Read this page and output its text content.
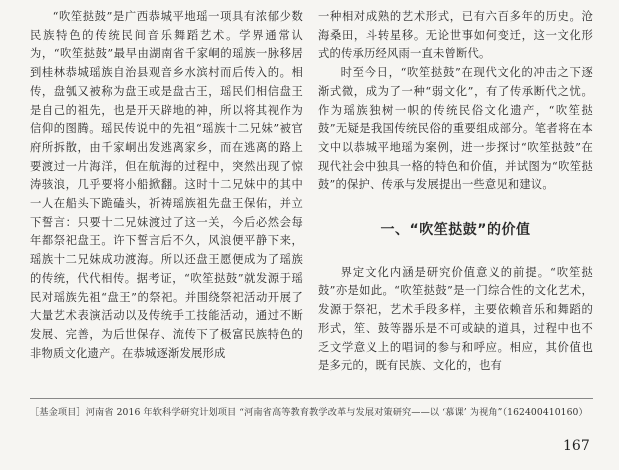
“吹笙挞鼓”是广西恭城平地瑶一项具有浓郁少数民族特色的传统民间音乐舞蹈艺术。学界通常认为，“吹笙挞鼓”最早由湖南省千家峒的瑶族一脉移居到桂林恭城瑶族自治县观音乡水滨村而后传入的。相传，盘瓠又被称为盘王或是盘古王，瑶民们相信盘王是自己的祖先，也是开天辟地的神，所以将其视作为信仰的图腾。瑶民传说中的先祖“瑶族十二兄妹”被官府所拆散，由千家峒出发逃离家乡，而在逃离的路上要渡过一片海洋，但在航海的过程中，突然出现了惊涛骇浪，几乎要将小船掀翻。这时十二兄妹中的其中一人在船头下跪磕头，祈祷瑶族祖先盘王保佑，并立下誓言：只要十二兄妹渡过了这一关，今后必然会每年都祭祀盘王。许下誓言后不久，风浪便平静下来，瑶族十二兄妹成功渡海。所以还盘王愿便成为了瑶族的传统，代代相传。据考证，“吹笙挞鼓”就发源于瑶民对瑶族先祖“盘王”的祭祀。并围绕祭祀活动开展了大量艺术表演活动以及传统手工技能活动，通过不断发展、完善，为后世保存、流传下了极富民族特色的非物质文化遗产。在恭城逐渐发展形成

一种相对成熟的艺术形式，已有六百多年的历史。沧海桑田，斗转星移。无论世事如何变迁，这一文化形式的传承历经风雨一直未曾断代。

时至今日，“吹笙挞鼓”在现代文化的冲击之下逐渐式微，成为了一种“弱文化”，有了传承断代之忧。作为瑶族独树一帜的传统民俗文化遗产，“吹笙挞鼓”无疑是我国传统民俗的重要组成部分。笔者将在本文中以恭城平地瑶为案例，进一步探讨“吹笙挞鼓”在现代社会中独具一格的特色和价值，并试图为“吹笙挞鼓”的保护、传承与发展提出一些意见和建议。

一、“吹笙挞鼓”的价值

界定文化内涵是研究价值意义的前提。“吹笙挞鼓”亦是如此。“吹笙挞鼓”是一门综合性的文化艺术，发源于祭祀，艺术手段多样，主要依赖音乐和舞蹈的形式，笙、鼓等器乐是不可或缺的道具，过程中也不乏文学意义上的唱词的参与和呼应。相应，其价值也是多元的，既有民族、文化的，也有

［基金项目］河南省 2016 年软科学研究计划项目 “河南省高等教育教学改革与发展对策研究——以 ‘慕课’ 为视角”（162400410160）
167
